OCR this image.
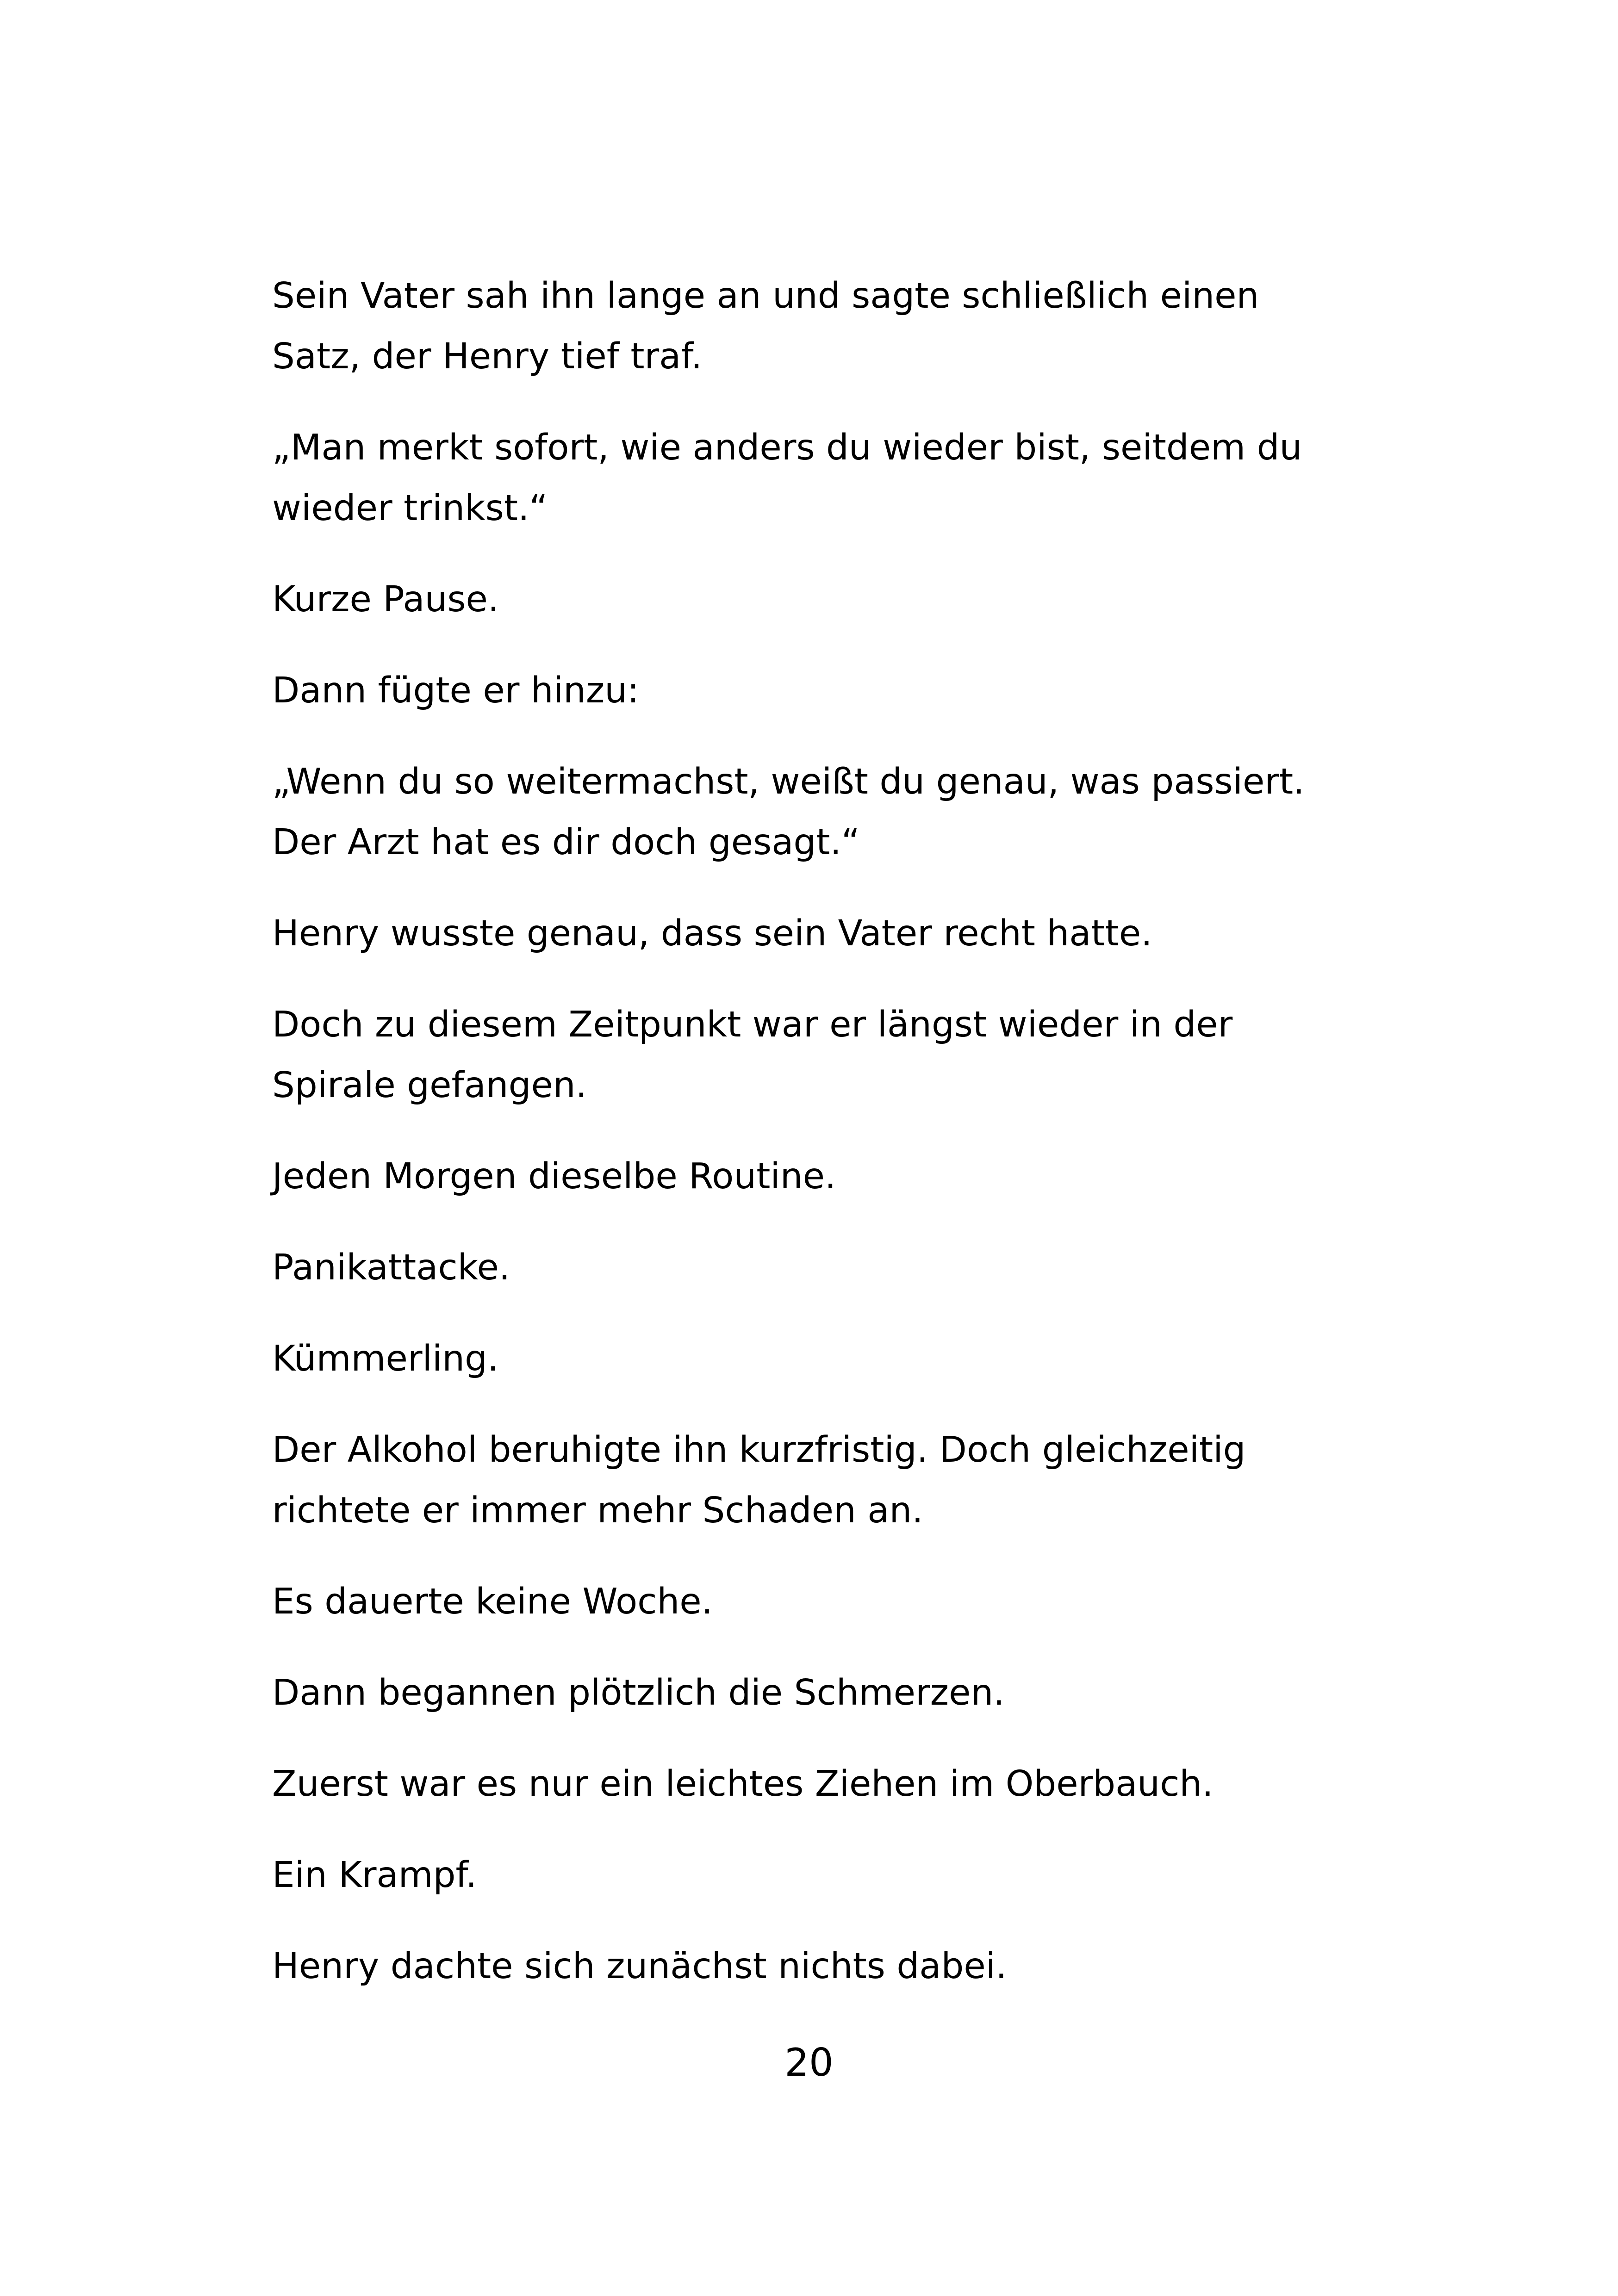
Sein Vater sah ihn lange an und sagte schließlich einen
Satz, der Henry tief traf.

„Man merkt sofort, wie anders du wieder bist, seitdem du
wieder trinkst.“

Kurze Pause.

Dann fügte er hinzu:

„Wenn du so weitermachst, weißt du genau, was passiert.
Der Arzt hat es dir doch gesagt.“

Henry wusste genau, dass sein Vater recht hatte.

Doch zu diesem Zeitpunkt war er längst wieder in der
Spirale gefangen.

Jeden Morgen dieselbe Routine.

Panikattacke.

Kümmerling.

Der Alkohol beruhigte ihn kurzfristig. Doch gleichzeitig
richtete er immer mehr Schaden an.

Es dauerte keine Woche.

Dann begannen plötzlich die Schmerzen.

Zuerst war es nur ein leichtes Ziehen im Oberbauch.

Ein Krampf.

Henry dachte sich zunächst nichts dabei.

20
